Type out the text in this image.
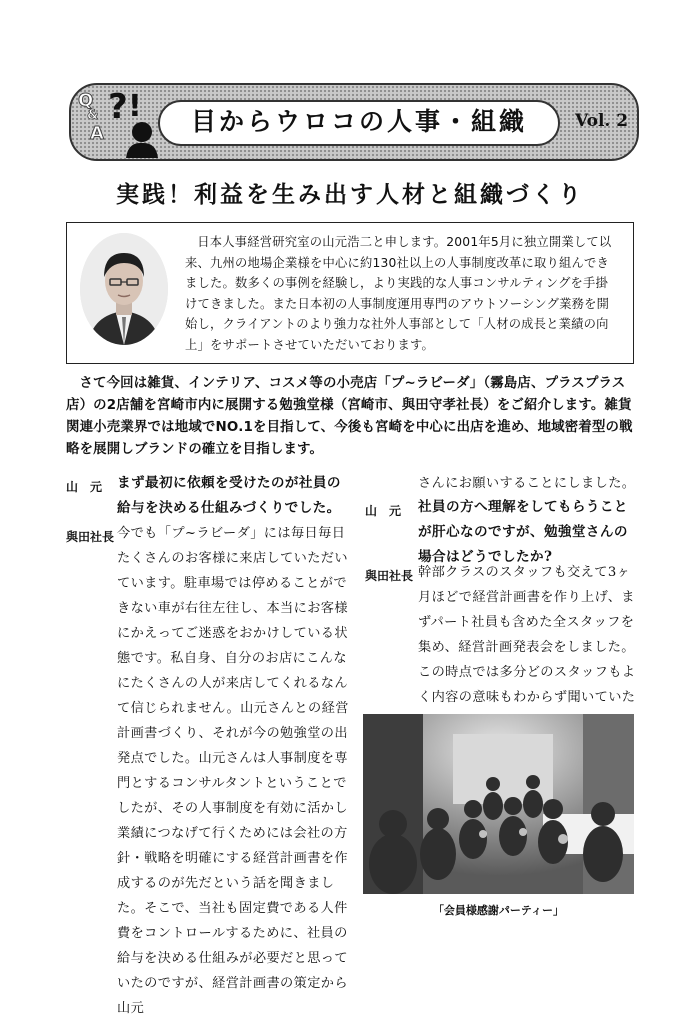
Q
&
A
? !	目からウロコの人事・組織	Vol. 2
実践！利益を生み出す人材と組織づくり
日本人事経営研究室の山元浩二と申します。2001年5月に独立開業して以来、九州の地場企業様を中心に約130社以上の人事制度改革に取り組んできました。数多くの事例を経験し，より実践的な人事コンサルティングを手掛けてきました。また日本初の人事制度運用専門のアウトソーシング業務を開始し，クライアントのより強力な社外人事部として「人材の成長と業績の向上」をサポートさせていただいております。
さて今回は雑貨、インテリア、コスメ等の小売店「プ~ラビーダ」（霧島店、プラスプラス店）の2店舗を宮崎市内に展開する勉強堂様（宮崎市、與田守孝社長）をご紹介します。雑貨関連小売業界では地域でNO.1を目指して、今後も宮崎を中心に出店を進め、地域密着型の戦略を展開しブランドの確立を目指します。
山　元 まず最初に依頼を受けたのが社員の給与を決める仕組みづくりでした。
與田社長 今でも「プ~ラビーダ」には毎日毎日たくさんのお客様に来店していただいています。駐車場では停めることができない車が右往左往し、本当にお客様にかえってご迷惑をおかけしている状態です。私自身、自分のお店にこんなにたくさんの人が来店してくれるなんて信じられません。山元さんとの経営計画書づくり、それが今の勉強堂の出発点でした。山元さんは人事制度を専門とするコンサルタントということでしたが、その人事制度を有効に活かし業績につなげて行くためには会社の方針・戦略を明確にする経営計画書を作成するのが先だという話を聞きました。そこで、当社も固定費である人件費をコントロールするために、社員の給与を決める仕組みが必要だと思っていたのですが、経営計画書の策定から山元
さんにお願いすることにしました。
山　元 社員の方へ理解をしてもらうことが肝心なのですが、勉強堂さんの場合はどうでしたか?
與田社長 幹部クラスのスタッフも交えて3ヶ月ほどで経営計画書を作り上げ、まずパート社員も含めた全スタッフを集め、経営計画発表会をしました。この時点では多分どのスタッフもよく内容の意味もわからず聞いていた
「会員様感謝パーティー」
